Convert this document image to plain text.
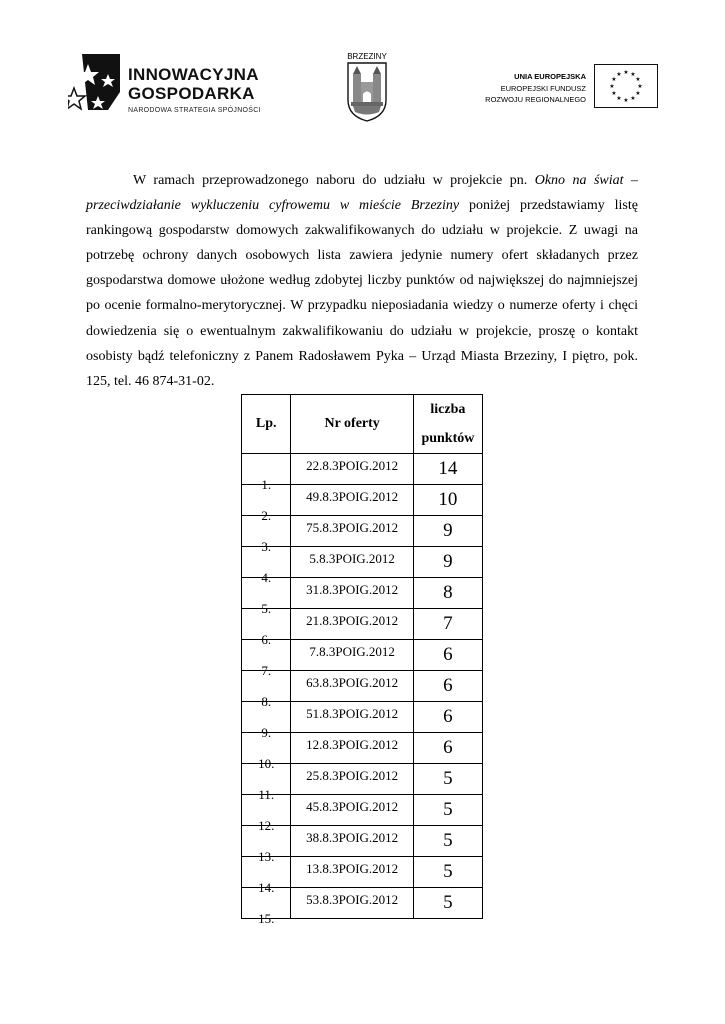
INNOWACYJNA
GOSPODARKA
NARODOWA STRATEGIA SPÓJNOŚCI
BRZEZINY
UNIA EUROPEJSKA
EUROPEJSKI FUNDUSZ
ROZWOJU REGIONALNEGO
★ ★
★
★
★
★
★
★
★
★
★
★

W ramach przeprowadzonego naboru do udziału w projekcie pn. Okno na świat – przeciwdziałanie wykluczeniu cyfrowemu w mieście Brzeziny poniżej przedstawiamy listę rankingową gospodarstw domowych zakwalifikowanych do udziału w projekcie. Z uwagi na potrzebę ochrony danych osobowych lista zawiera jedynie numery ofert składanych przez gospodarstwa domowe ułożone według zdobytej liczby punktów od największej do najmniejszej po ocenie formalno-merytorycznej. W przypadku nieposiadania wiedzy o numerze oferty i chęci dowiedzenia się o ewentualnym zakwalifikowaniu do udziału w projekcie, proszę o kontakt osobisty bądź telefoniczny z Panem Radosławem Pyka – Urząd Miasta Brzeziny, I piętro, pok. 125, tel. 46 874-31-02.

Lp.	Nr oferty	liczba
punktów

1.	22.8.3POIG.2012	14
2.	49.8.3POIG.2012	10
3.	75.8.3POIG.2012	9
4.	5.8.3POIG.2012	9
5.	31.8.3POIG.2012	8
6.	21.8.3POIG.2012	7
7.	7.8.3POIG.2012	6
8.	63.8.3POIG.2012	6
9.	51.8.3POIG.2012	6
10.	12.8.3POIG.2012	6
11.	25.8.3POIG.2012	5
12.	45.8.3POIG.2012	5
13.	38.8.3POIG.2012	5
14.	13.8.3POIG.2012	5
15.	53.8.3POIG.2012	5
